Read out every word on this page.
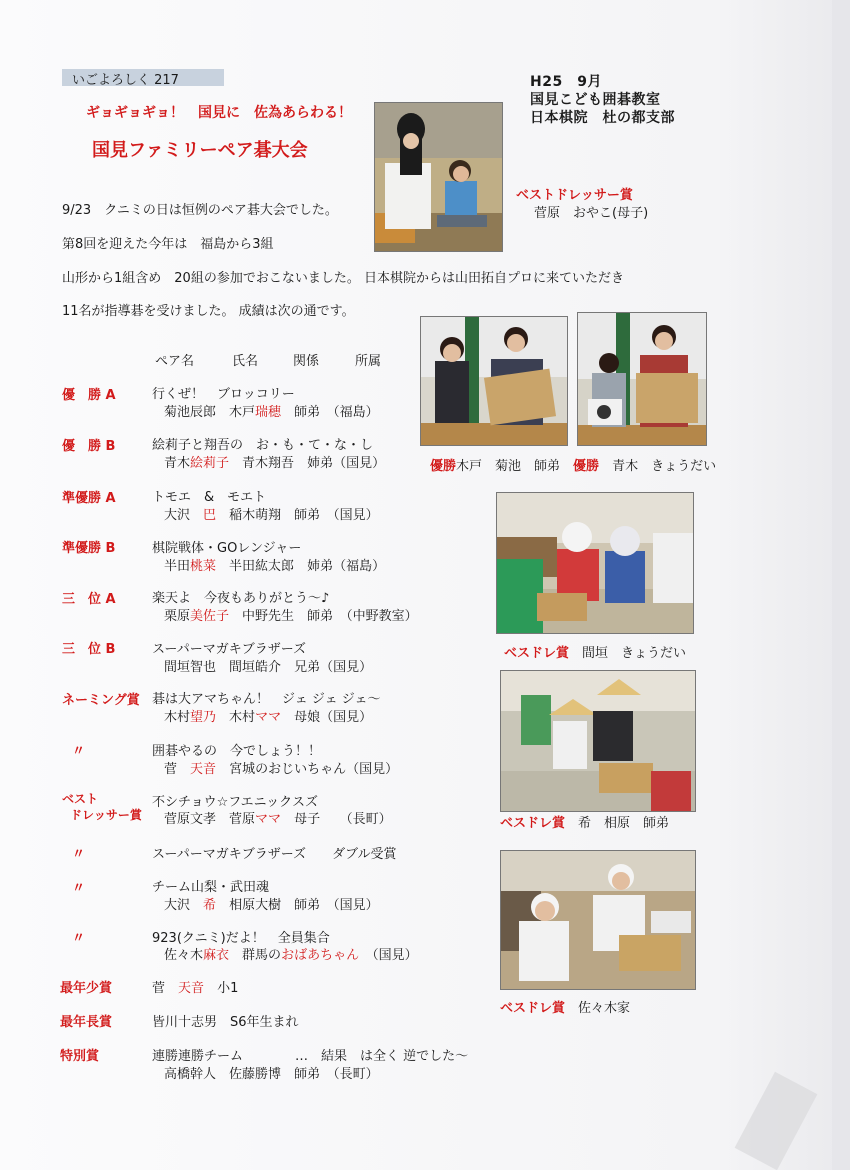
いごよろしく 217	H25　9月
国見こども囲碁教室
日本棋院　杜の都支部
ギョギョギョ！　国見に　佐為あらわる！
国見ファミリーペア碁大会
ベストドレッサー賞
菅原　おやこ(母子)
9/23　クニミの日は恒例のペア碁大会でした。
第8回を迎えた今年は　福島から3組
山形から1組含め　20組の参加でおこないました。 日本棋院からは山田拓自プロに来ていただき
11名が指導碁を受けました。 成績は次の通です。
ペア名	氏名	関係	所属
優　勝 A	行くぜ！　ブロッコリー
菊池辰郎　 木戸瑞穂　 師弟　（福島）
優　勝 B	絵莉子と翔吾の　お・も・て・な・し
青木絵莉子　 青木翔吾　 姉弟（国見）
準優勝 A	トモエ　&　モエト
大沢　 巴　 稲木萌翔　 師弟　（国見）
準優勝 B	棋院戦体・GOレンジャー
半田桃菜　 半田紘太郎　 姉弟（福島）
三　位 A	楽天よ　今夜もありがとう～♪
栗原美佐子　 中野先生　 師弟　（中野教室）
三　位 B	スーパーマガキブラザーズ
間垣智也　 間垣皓介　 兄弟（国見）
ネーミング賞 碁は大アマちゃん！　ジェ ジェ ジェ～
木村望乃　 木村ママ　 母娘（国見）
〃	囲碁やるの　今でしょう！！
菅　 天音　 宮城のおじいちゃん（国見）
ベスト
ドレッサー賞
不シチョウ☆フエニックスズ
菅原文孝　 菅原ママ　 母子　　（長町）
〃	スーパーマガキブラザーズ　　 ダブル受賞
〃	チーム山梨・武田魂
大沢　 希　 相原大樹　 師弟　（国見）
〃	923(クニミ)だよ！　全員集合
佐々木麻衣　 群馬のおばあちゃん　 （国見）
最年少賞	菅　 天音　 小1
最年長賞	皆川十志男　 S6年生まれ
特別賞	連勝連勝チーム　　　　	…　結果　は全く 逆でした～
高橋幹人　 佐藤勝博　 師弟　（長町）
優勝木戸　菊池　師弟　 優勝　 青木　きょうだい
ベスドレ賞　 間垣　きょうだい
ベスドレ賞　 希　相原　師弟
ベスドレ賞　 佐々木家
